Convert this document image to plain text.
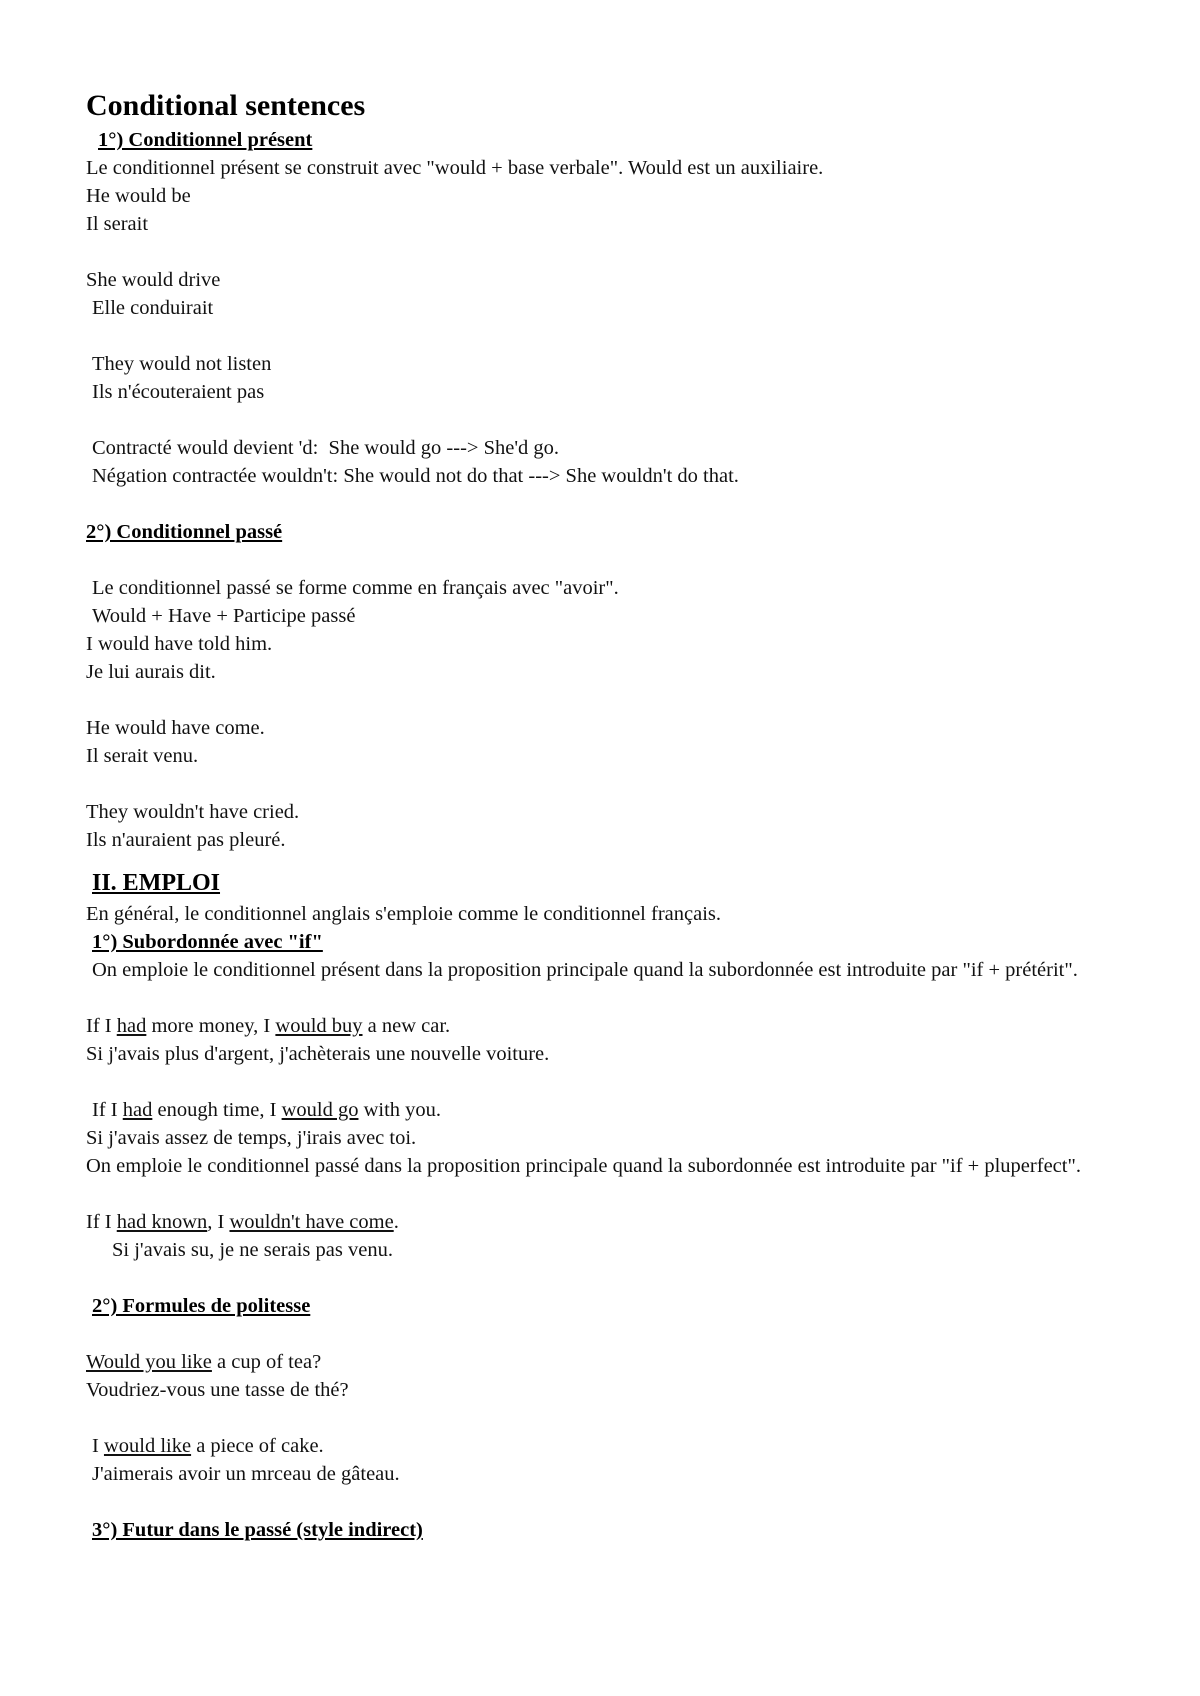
Conditional sentences
1°) Conditionnel présent
Le conditionnel présent se construit avec "would + base verbale". Would est un auxiliaire.
He would be
Il serait
She would drive
Elle conduirait
They would not listen
Ils n'écouteraient pas
Contracté would devient 'd:  She would go ---> She'd go.
Négation contractée wouldn't: She would not do that ---> She wouldn't do that.
2°) Conditionnel passé
Le conditionnel passé se forme comme en français avec "avoir".
Would + Have + Participe passé
I would have told him.
Je lui aurais dit.
He would have come.
Il serait venu.
They wouldn't have cried.
Ils n'auraient pas pleuré.
II. EMPLOI
En général, le conditionnel anglais s'emploie comme le conditionnel français.
1°) Subordonnée avec "if"
On emploie le conditionnel présent dans la proposition principale quand la subordonnée est introduite par "if + prétérit".
If I had more money, I would buy a new car.
Si j'avais plus d'argent, j'achèterais une nouvelle voiture.
If I had enough time, I would go with you.
Si j'avais assez de temps, j'irais avec toi.
On emploie le conditionnel passé dans la proposition principale quand la subordonnée est introduite par "if + pluperfect".
If I had known, I wouldn't have come.
Si j'avais su, je ne serais pas venu.
2°) Formules de politesse
Would you like a cup of tea?
Voudriez-vous une tasse de thé?
I would like a piece of cake.
J'aimerais avoir un mrceau de gâteau.
3°) Futur dans le passé (style indirect)
